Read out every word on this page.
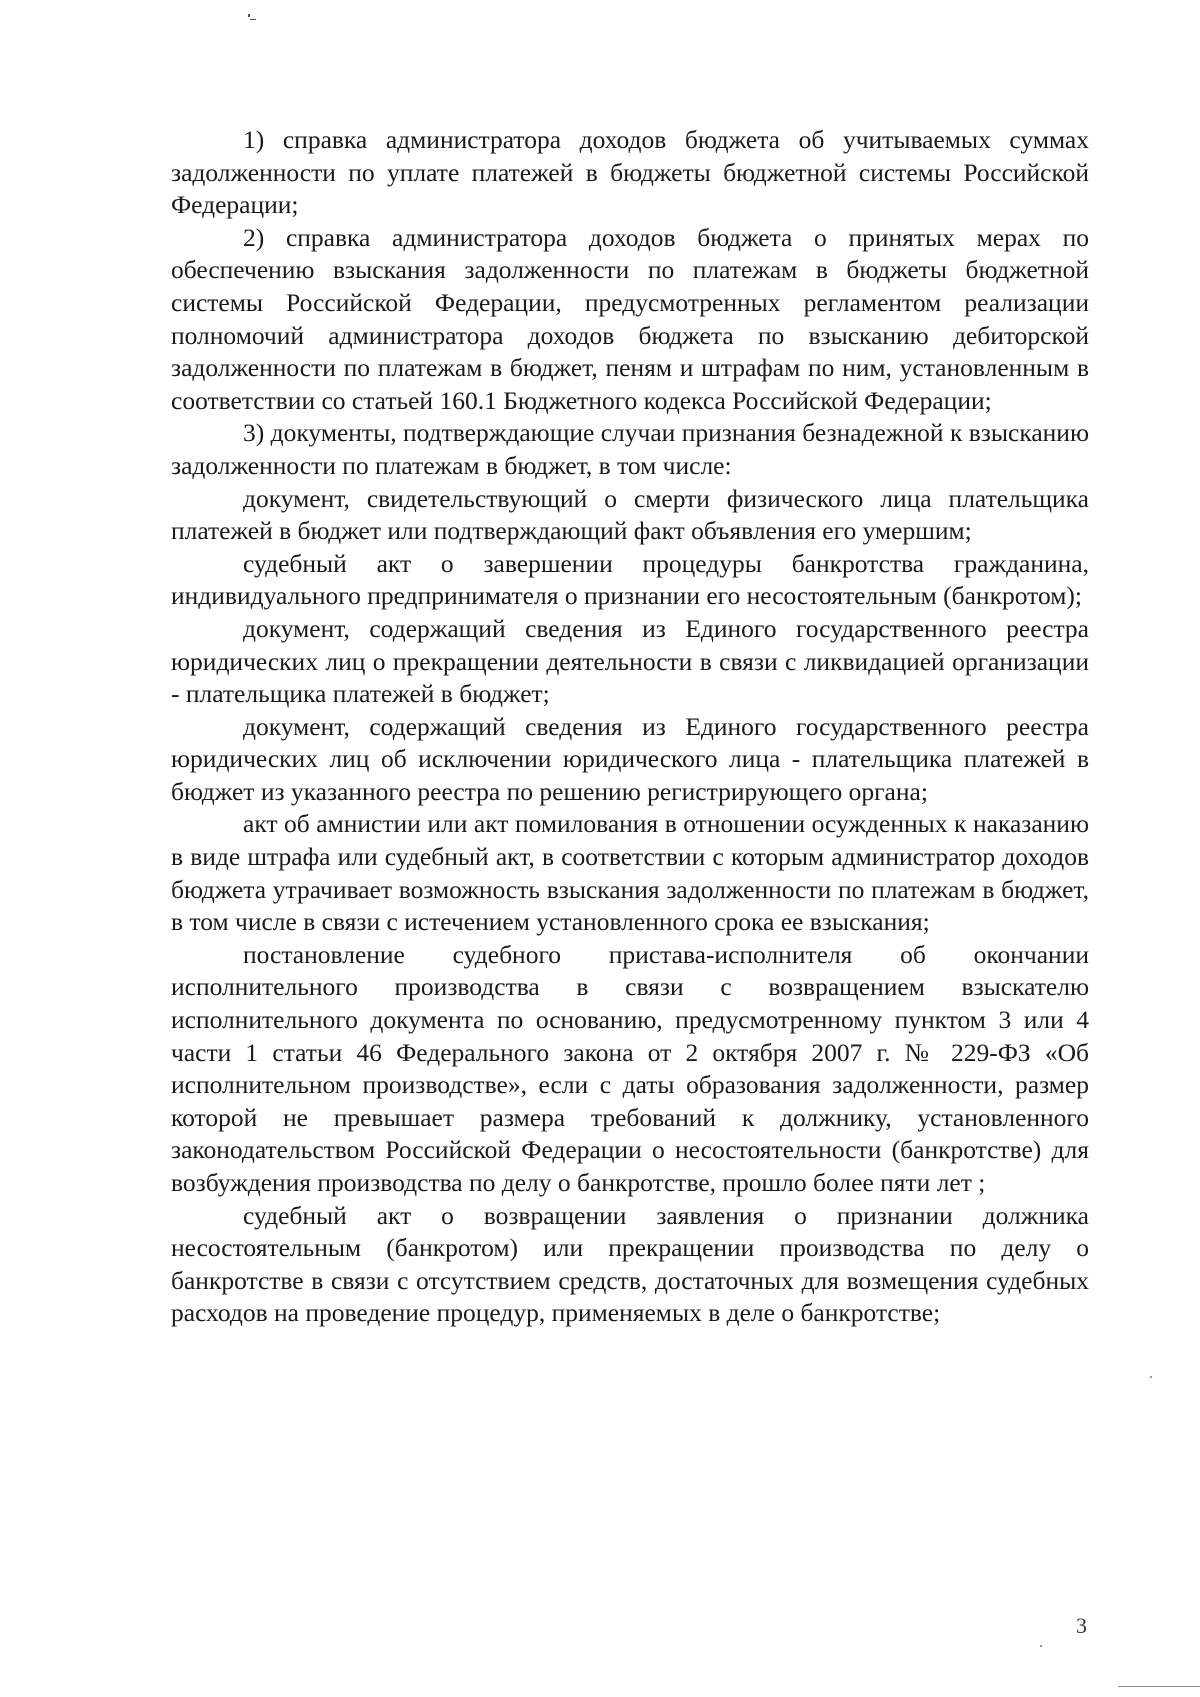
1) справка администратора доходов бюджета об учитываемых суммах задолженности по уплате платежей в бюджеты бюджетной системы Российской Федерации;

2) справка администратора доходов бюджета о принятых мерах по обеспечению взыскания задолженности по платежам в бюджеты бюджетной системы Российской Федерации, предусмотренных регламентом реализации полномочий администратора доходов бюджета по взысканию дебиторской задолженности по платежам в бюджет, пеням и штрафам по ним, установленным в соответствии со статьей 160.1 Бюджетного кодекса Российской Федерации;

3) документы, подтверждающие случаи признания безнадежной к взысканию задолженности по платежам в бюджет, в том числе:

документ, свидетельствующий о смерти физического лица плательщика платежей в бюджет или подтверждающий факт объявления его умершим;

судебный акт о завершении процедуры банкротства гражданина, индивидуального предпринимателя о признании его несостоятельным (банкротом);

документ, содержащий сведения из Единого государственного реестра юридических лиц о прекращении деятельности в связи с ликвидацией организации - плательщика платежей в бюджет;

документ, содержащий сведения из Единого государственного реестра юридических лиц об исключении юридического лица - плательщика платежей в бюджет из указанного реестра по решению регистрирующего органа;

акт об амнистии или акт помилования в отношении осужденных к наказанию в виде штрафа или судебный акт, в соответствии с которым администратор доходов бюджета утрачивает возможность взыскания задолженности по платежам в бюджет, в том числе в связи с истечением установленного срока ее взыскания;

постановление судебного пристава-исполнителя об окончании исполнительного производства в связи с возвращением взыскателю исполнительного документа по основанию, предусмотренному пунктом 3 или 4 части 1 статьи 46 Федерального закона от 2 октября 2007 г. № 229-ФЗ «Об исполнительном производстве», если с даты образования задолженности, размер которой не превышает размера требований к должнику, установленного законодательством Российской Федерации о несостоятельности (банкротстве) для возбуждения производства по делу о банкротстве, прошло более пяти лет ;

судебный акт о возвращении заявления о признании должника несостоятельным (банкротом) или прекращении производства по делу о банкротстве в связи с отсутствием средств, достаточных для возмещения судебных расходов на проведение процедур, применяемых в деле о банкротстве;

3
